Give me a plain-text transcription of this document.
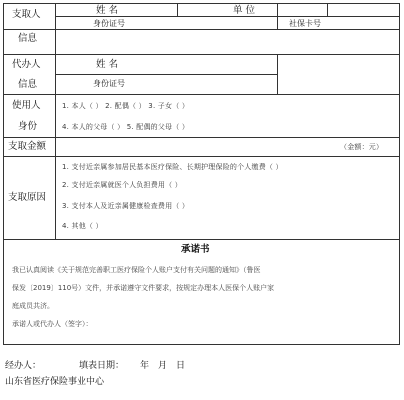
支取人
信息
姓 名	单 位
身份证号	社保卡号
代办人
信息
姓 名
身份证号
使用人
身份
1. 本人（ ） 2. 配偶（ ） 3. 子女（ ）
4. 本人的父母（ ） 5. 配偶的父母（ ）
支取金额	（金额：元）
支取原因
1. 支付近亲属参加居民基本医疗保险、长期护理保险的个人缴费（ ）
2. 支付近亲属就医个人负担费用（ ）
3. 支付本人及近亲属健康检查费用（ ）
4. 其他（ ）
承诺书
我已认真阅读《关于规范完善职工医疗保险个人账户支付有关问题的通知》（鲁医
保发〔2019〕110号）文件，并承诺遵守文件要求，按规定办理本人医保个人账户家
庭成员共济。
承诺人或代办人（签字）：
经办人：	填表日期： 年 月 日
山东省医疗保险事业中心
